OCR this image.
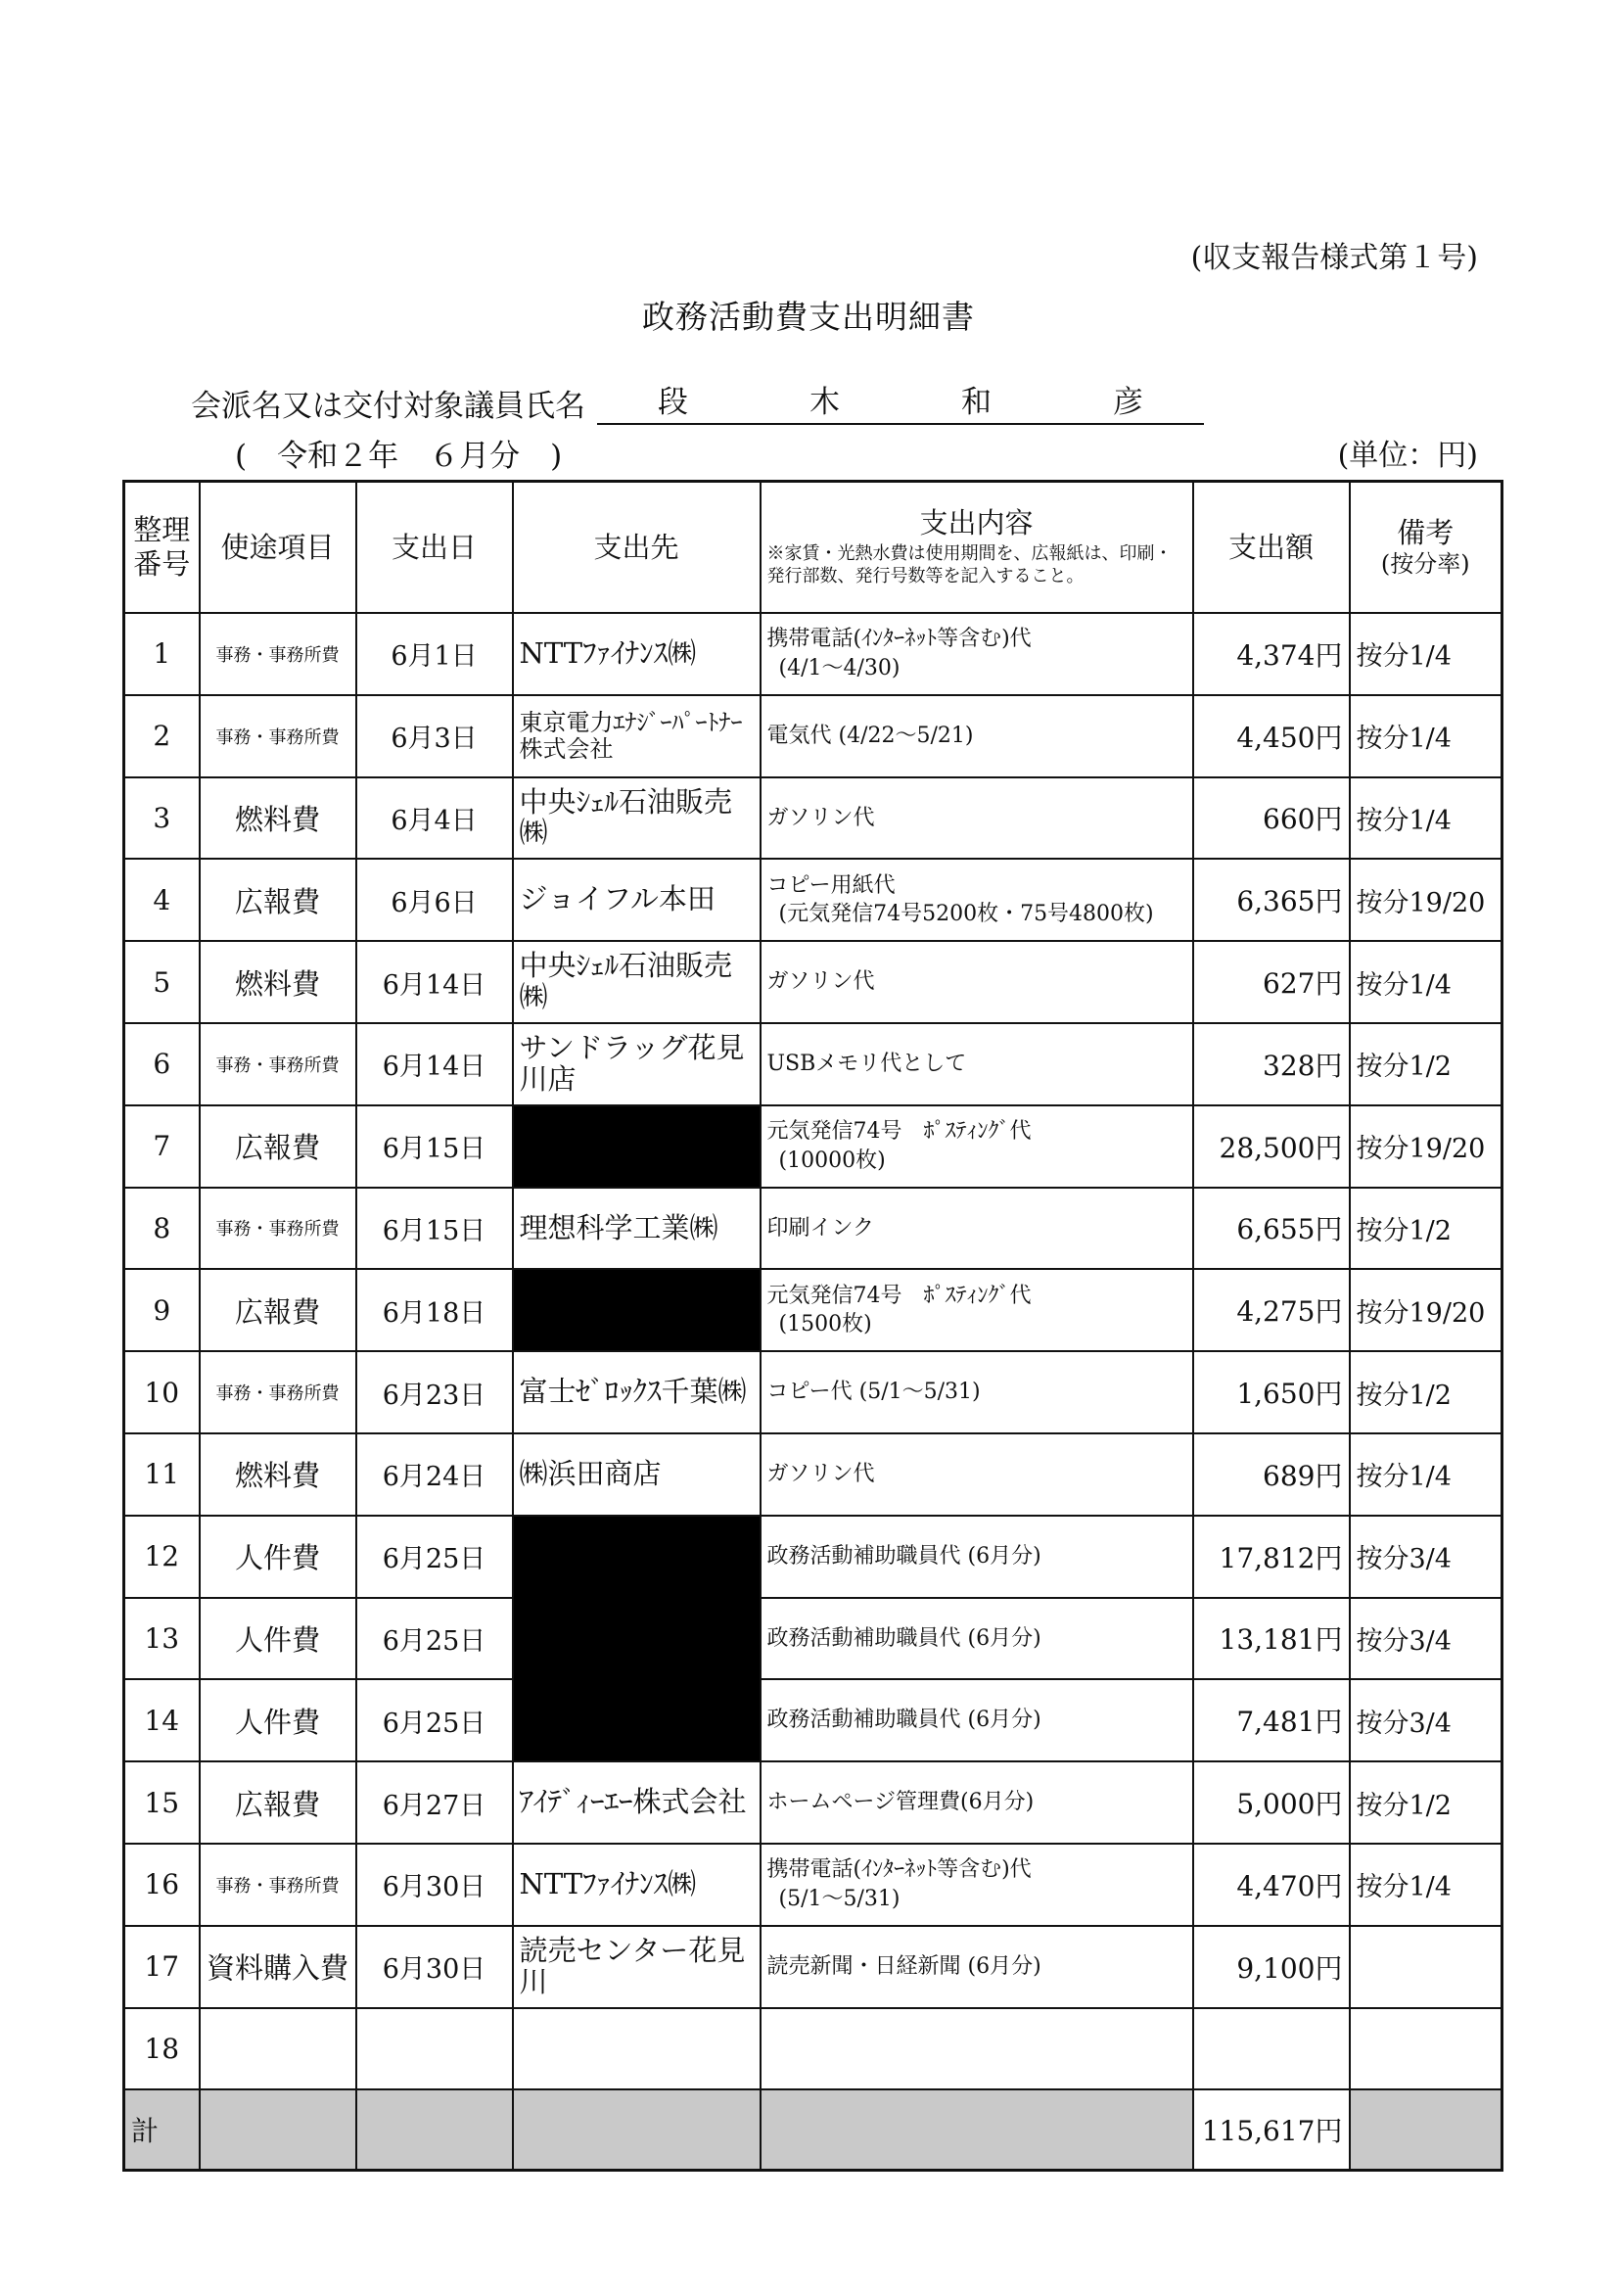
(収支報告様式第１号)
政務活動費支出明細書
会派名又は交付対象議員氏名 段	木	和	彦
(　令和２年　６月分　)	(単位：円)
整理
番号	使途項目	支出日	支出先	支出内容
※家賃・光熱水費は使用期間を、広報紙は、印刷・発行部数、発行号数等を記入すること。	支出額	備考
(按分率)

1	事務・事務所費	6月1日	NTTﾌｧｲﾅﾝｽ㈱	携帯電話(ｲﾝﾀｰﾈｯﾄ等含む)代
(4/1～4/30)	4,374円	按分1/4
2	事務・事務所費	6月3日	東京電力ｴﾅｼﾞｰﾊﾟｰﾄﾅｰ株式会社	電気代 (4/22～5/21)	4,450円	按分1/4
3	燃料費	6月4日	中央ｼｪﾙ石油販売㈱	ガソリン代	660円	按分1/4
4	広報費	6月6日	ジョイフル本田	コピー用紙代
(元気発信74号5200枚・75号4800枚)	6,365円	按分19/20
5	燃料費	6月14日	中央ｼｪﾙ石油販売㈱	ガソリン代	627円	按分1/4
6	事務・事務所費	6月14日	サンドラッグ花見川店	USBメモリ代として	328円	按分1/2
7	広報費	6月15日		元気発信74号　ﾎﾟｽﾃｨﾝｸﾞ代
(10000枚)	28,500円	按分19/20
8	事務・事務所費	6月15日	理想科学工業㈱	印刷インク	6,655円	按分1/2
9	広報費	6月18日		元気発信74号　ﾎﾟｽﾃｨﾝｸﾞ代
(1500枚)	4,275円	按分19/20
10	事務・事務所費	6月23日	富士ｾﾞﾛｯｸｽ千葉㈱	コピー代 (5/1～5/31)	1,650円	按分1/2
11	燃料費	6月24日	㈱浜田商店	ガソリン代	689円	按分1/4
12	人件費	6月25日		政務活動補助職員代 (6月分)	17,812円	按分3/4
13	人件費	6月25日		政務活動補助職員代 (6月分)	13,181円	按分3/4
14	人件費	6月25日		政務活動補助職員代 (6月分)	7,481円	按分3/4
15	広報費	6月27日	ｱｲﾃﾞｨｰｴｰ株式会社	ホームページ管理費(6月分)	5,000円	按分1/2
16	事務・事務所費	6月30日	NTTﾌｧｲﾅﾝｽ㈱	携帯電話(ｲﾝﾀｰﾈｯﾄ等含む)代
(5/1～5/31)	4,470円	按分1/4
17	資料購入費	6月30日	読売センター花見川	読売新聞・日経新聞 (6月分)	9,100円	
18				

計					115,617円	
